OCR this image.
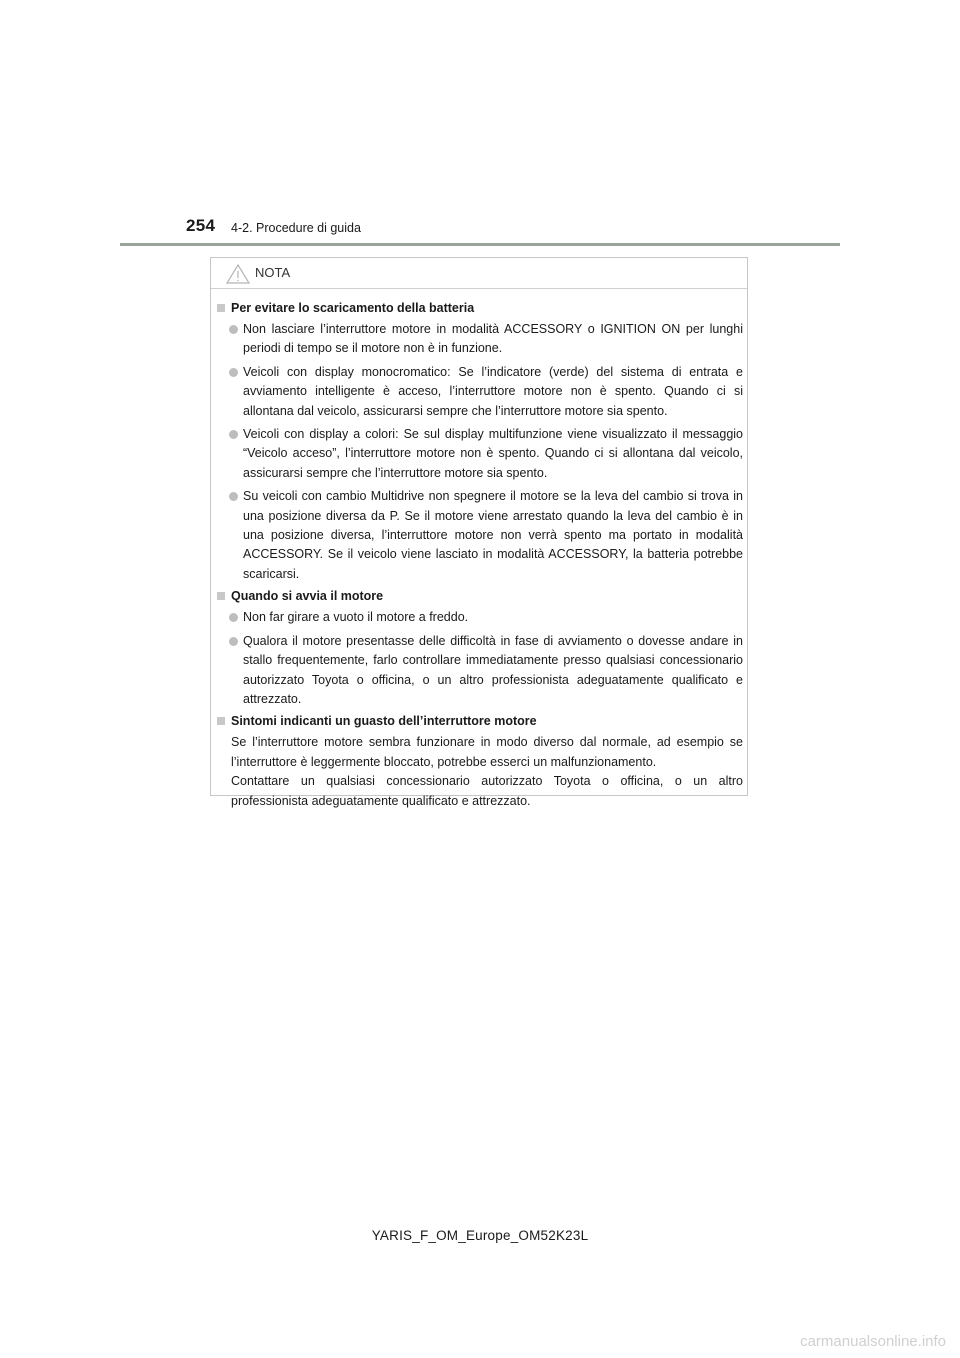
254 4-2. Procedure di guida
NOTA
Per evitare lo scaricamento della batteria
Non lasciare l’interruttore motore in modalità ACCESSORY o IGNITION ON per lunghi periodi di tempo se il motore non è in funzione.
Veicoli con display monocromatico: Se l’indicatore (verde) del sistema di entrata e avviamento intelligente è acceso, l’interruttore motore non è spento. Quando ci si allontana dal veicolo, assicurarsi sempre che l’interruttore motore sia spento.
Veicoli con display a colori: Se sul display multifunzione viene visualizzato il messaggio “Veicolo acceso”, l’interruttore motore non è spento. Quando ci si allontana dal veicolo, assicurarsi sempre che l’interruttore motore sia spento.
Su veicoli con cambio Multidrive non spegnere il motore se la leva del cambio si trova in una posizione diversa da P. Se il motore viene arrestato quando la leva del cambio è in una posizione diversa, l’interruttore motore non verrà spento ma portato in modalità ACCESSORY. Se il veicolo viene lasciato in modalità ACCESSORY, la batteria potrebbe scaricarsi.
Quando si avvia il motore
Non far girare a vuoto il motore a freddo.
Qualora il motore presentasse delle difficoltà in fase di avviamento o dovesse andare in stallo frequentemente, farlo controllare immediatamente presso qualsiasi concessionario autorizzato Toyota o officina, o un altro professionista adeguatamente qualificato e attrezzato.
Sintomi indicanti un guasto dell’interruttore motore

Se l’interruttore motore sembra funzionare in modo diverso dal normale, ad esempio se l’interruttore è leggermente bloccato, potrebbe esserci un malfunzionamento.

Contattare un qualsiasi concessionario autorizzato Toyota o officina, o un altro professionista adeguatamente qualificato e attrezzato.

YARIS_F_OM_Europe_OM52K23L
carmanualsonline.info
